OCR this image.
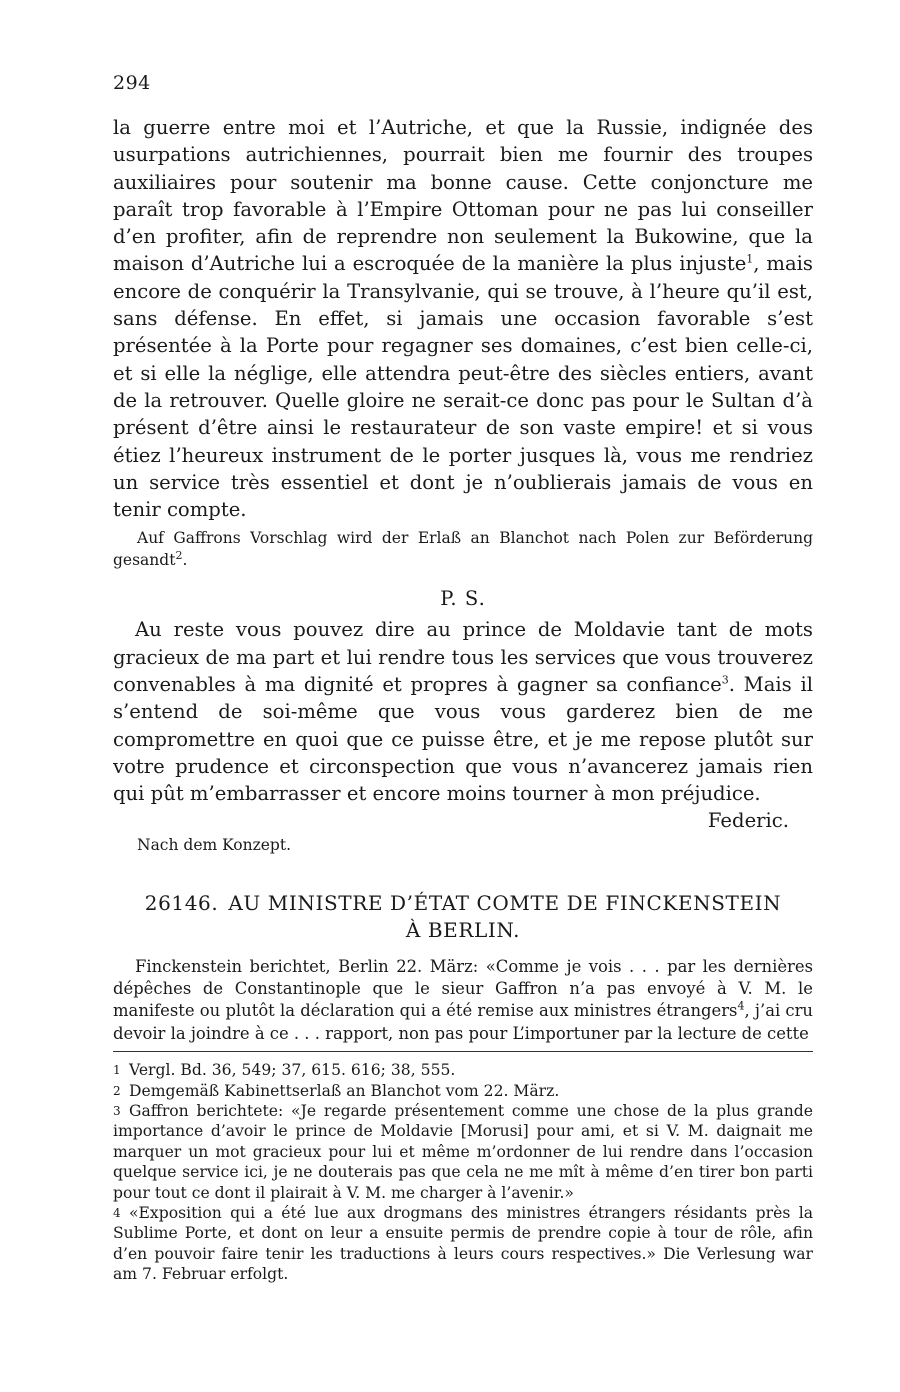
294

la guerre entre moi et l’Autriche, et que la Russie, indignée des usurpations autrichiennes, pourrait bien me fournir des troupes auxiliaires pour soutenir ma bonne cause. Cette conjoncture me paraît trop favorable à l’Empire Ottoman pour ne pas lui conseiller d’en profiter, afin de reprendre non seulement la Bukowine, que la maison d’Autriche lui a escroquée de la manière la plus injuste$^1$, mais encore de conquérir la Transylvanie, qui se trouve, à l’heure qu’il est, sans défense. En effet, si jamais une occasion favorable s’est présentée à la Porte pour regagner ses domaines, c’est bien celle-ci, et si elle la néglige, elle attendra peut-être des siècles entiers, avant de la retrouver. Quelle gloire ne serait-ce donc pas pour le Sultan d’à présent d’être ainsi le restaurateur de son vaste empire! et si vous étiez l’heureux instrument de le porter jusques là, vous me rendriez un service très essentiel et dont je n’oublierais jamais de vous en tenir compte.

Auf Gaffrons Vorschlag wird der Erlaß an Blanchot nach Polen zur Beförderung gesandt$^2$.

P. S.

Au reste vous pouvez dire au prince de Moldavie tant de mots gracieux de ma part et lui rendre tous les services que vous trouverez convenables à ma dignité et propres à gagner sa confiance$^3$. Mais il s’entend de soi-même que vous vous garderez bien de me compromettre en quoi que ce puisse être, et je me repose plutôt sur votre prudence et circonspection que vous n’avancerez jamais rien qui pût m’embarrasser et encore moins tourner à mon préjudice.

Federic.
Nach dem Konzept.
26146. AU MINISTRE D’ÉTAT COMTE DE FINCKENSTEIN
À BERLIN.

Finckenstein berichtet, Berlin 22. März: «Comme je vois . . . par les dernières dépêches de Constantinople que le sieur Gaffron n’a pas envoyé à V. M. le manifeste ou plutôt la déclaration qui a été remise aux ministres étrangers$^4$, j’ai cru devoir la joindre à ce . . . rapport, non pas pour L’importuner par la lecture de cette

1 Vergl. Bd. 36, 549; 37, 615. 616; 38, 555.

2 Demgemäß Kabinettserlaß an Blanchot vom 22. März.

3 Gaffron berichtete: «Je regarde présentement comme une chose de la plus grande importance d’avoir le prince de Moldavie [Morusi] pour ami, et si V. M. daignait me marquer un mot gracieux pour lui et même m’ordonner de lui rendre dans l’occasion quelque service ici, je ne douterais pas que cela ne me mît à même d’en tirer bon parti pour tout ce dont il plairait à V. M. me charger à l’avenir.»

4 «Exposition qui a été lue aux drogmans des ministres étrangers résidants près la Sublime Porte, et dont on leur a ensuite permis de prendre copie à tour de rôle, afin d’en pouvoir faire tenir les traductions à leurs cours respectives.» Die Verlesung war am 7. Februar erfolgt.
